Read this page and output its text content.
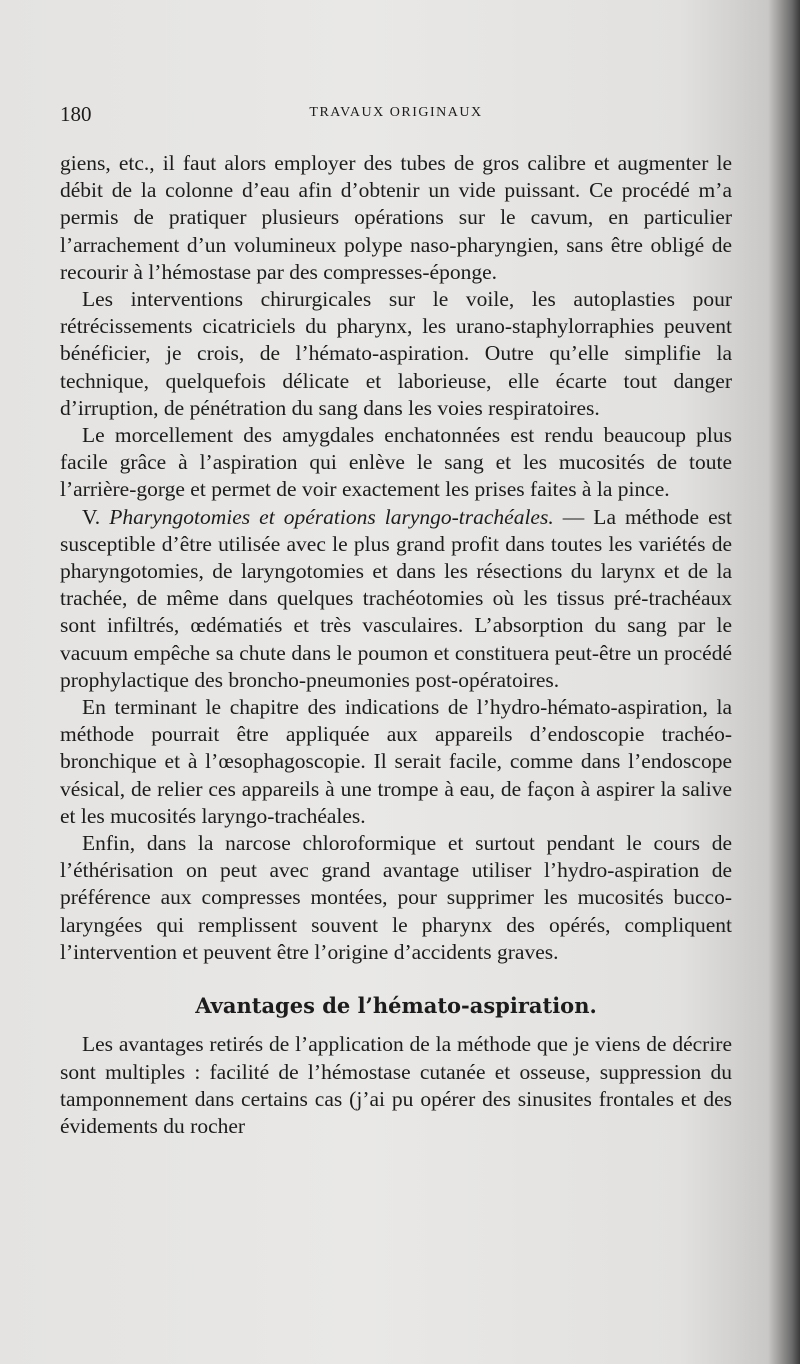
180	TRAVAUX ORIGINAUX

giens, etc., il faut alors employer des tubes de gros calibre et augmenter le débit de la colonne d’eau afin d’obtenir un vide puissant. Ce procédé m’a permis de pratiquer plusieurs opérations sur le cavum, en particulier l’arrachement d’un volumineux polype naso-pharyngien, sans être obligé de recourir à l’hémostase par des compresses-éponge.

Les interventions chirurgicales sur le voile, les autoplasties pour rétrécissements cicatriciels du pharynx, les urano-staphylorraphies peuvent bénéficier, je crois, de l’hémato-aspiration. Outre qu’elle simplifie la technique, quelquefois délicate et laborieuse, elle écarte tout danger d’irruption, de pénétration du sang dans les voies respiratoires.

Le morcellement des amygdales enchatonnées est rendu beaucoup plus facile grâce à l’aspiration qui enlève le sang et les mucosités de toute l’arrière-gorge et permet de voir exactement les prises faites à la pince.

V. Pharyngotomies et opérations laryngo-trachéales. — La méthode est susceptible d’être utilisée avec le plus grand profit dans toutes les variétés de pharyngotomies, de laryngotomies et dans les résections du larynx et de la trachée, de même dans quelques trachéotomies où les tissus pré-trachéaux sont infiltrés, œdématiés et très vasculaires. L’absorption du sang par le vacuum empêche sa chute dans le poumon et constituera peut-être un procédé prophylactique des broncho-pneumonies post-opératoires.

En terminant le chapitre des indications de l’hydro-hémato-aspiration, la méthode pourrait être appliquée aux appareils d’endoscopie trachéo-bronchique et à l’œsophagoscopie. Il serait facile, comme dans l’endoscope vésical, de relier ces appareils à une trompe à eau, de façon à aspirer la salive et les mucosités laryngo-trachéales.

Enfin, dans la narcose chloroformique et surtout pendant le cours de l’éthérisation on peut avec grand avantage utiliser l’hydro-aspiration de préférence aux compresses montées, pour supprimer les mucosités bucco-laryngées qui remplissent souvent le pharynx des opérés, compliquent l’intervention et peuvent être l’origine d’accidents graves.

Avantages de l’hémato-aspiration.

Les avantages retirés de l’application de la méthode que je viens de décrire sont multiples : facilité de l’hémostase cutanée et osseuse, suppression du tamponnement dans certains cas (j’ai pu opérer des sinusites frontales et des évidements du rocher
